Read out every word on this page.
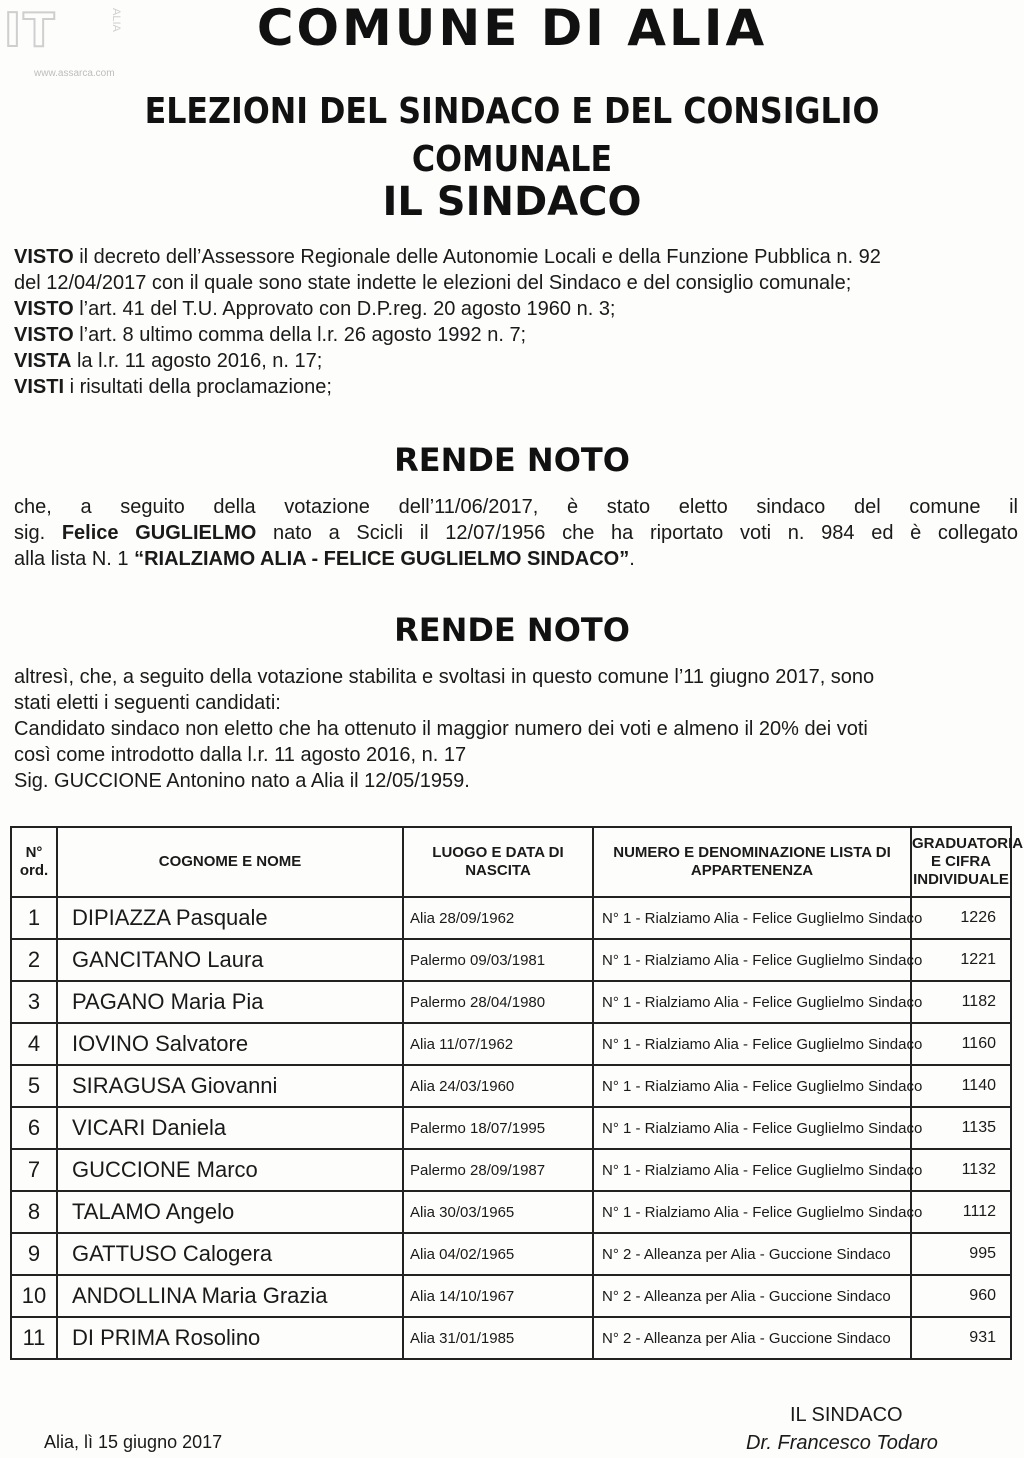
IT	ALIA
www.assarca.com
COMUNE DI ALIA
ELEZIONI DEL SINDACO E DEL CONSIGLIO COMUNALE
IL SINDACO
VISTO il decreto dell’Assessore Regionale delle Autonomie Locali e della Funzione Pubblica n. 92
del 12/04/2017 con il quale sono state indette le elezioni del Sindaco e del consiglio comunale;
VISTO l’art. 41 del T.U. Approvato con D.P.reg. 20 agosto 1960 n. 3;
VISTO l’art. 8 ultimo comma della l.r. 26 agosto 1992 n. 7;
VISTA la l.r. 11 agosto 2016, n. 17;
VISTI i risultati della proclamazione;
RENDE NOTO
che, a seguito della votazione dell’11/06/2017, è stato eletto sindaco del comune il
sig. Felice GUGLIELMO nato a Scicli il 12/07/1956 che ha riportato voti n. 984 ed è collegato
alla lista N. 1 “RIALZIAMO ALIA - FELICE GUGLIELMO SINDACO”.
RENDE NOTO
altresì, che, a seguito della votazione stabilita e svoltasi in questo comune l’11 giugno 2017, sono
stati eletti i seguenti candidati:
Candidato sindaco non eletto che ha ottenuto il maggior numero dei voti e almeno il 20% dei voti
così come introdotto dalla l.r. 11 agosto 2016, n. 17
Sig. GUCCIONE Antonino nato a Alia il 12/05/1959.
N° ord.	COGNOME E NOME	LUOGO E DATA DI NASCITA	NUMERO E DENOMINAZIONE LISTA DI APPARTENENZA	GRADUATORIA E CIFRA INDIVIDUALE
1	DIPIAZZA Pasquale	Alia 28/09/1962	N° 1 - Rialziamo Alia - Felice Guglielmo Sindaco	1226
2	GANCITANO Laura	Palermo 09/03/1981	N° 1 - Rialziamo Alia - Felice Guglielmo Sindaco	1221
3	PAGANO Maria Pia	Palermo 28/04/1980	N° 1 - Rialziamo Alia - Felice Guglielmo Sindaco	1182
4	IOVINO Salvatore	Alia 11/07/1962	N° 1 - Rialziamo Alia - Felice Guglielmo Sindaco	1160
5	SIRAGUSA Giovanni	Alia 24/03/1960	N° 1 - Rialziamo Alia - Felice Guglielmo Sindaco	1140
6	VICARI Daniela	Palermo 18/07/1995	N° 1 - Rialziamo Alia - Felice Guglielmo Sindaco	1135
7	GUCCIONE Marco	Palermo 28/09/1987	N° 1 - Rialziamo Alia - Felice Guglielmo Sindaco	1132
8	TALAMO Angelo	Alia 30/03/1965	N° 1 - Rialziamo Alia - Felice Guglielmo Sindaco	1112
9	GATTUSO Calogera	Alia 04/02/1965	N° 2 - Alleanza per Alia - Guccione Sindaco	995
10	ANDOLLINA Maria Grazia	Alia 14/10/1967	N° 2 - Alleanza per Alia - Guccione Sindaco	960
11	DI PRIMA Rosolino	Alia 31/01/1985	N° 2 - Alleanza per Alia - Guccione Sindaco	931
IL SINDACO
Dr. Francesco Todaro
Alia, lì 15 giugno 2017
